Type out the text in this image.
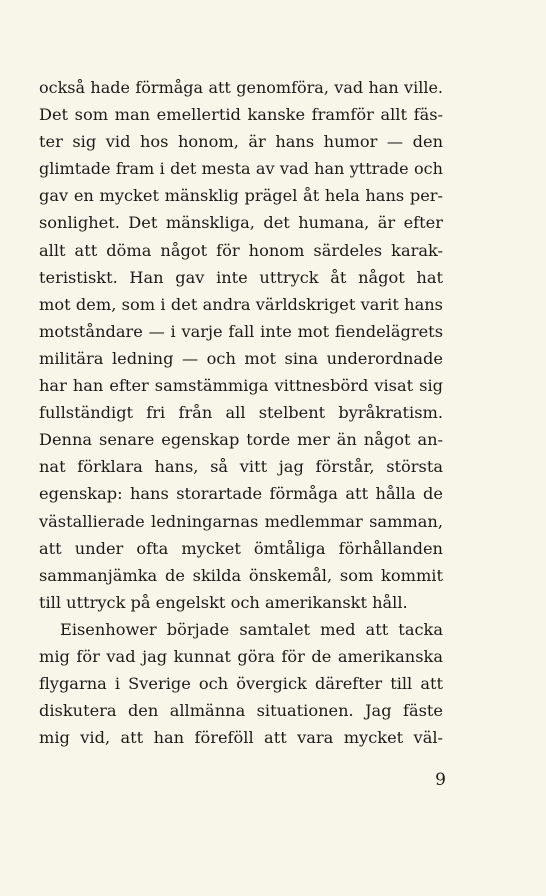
också hade förmåga att genomföra, vad han ville.
Det som man emellertid kanske framför allt fäs-
ter sig vid hos honom, är hans humor — den
glimtade fram i det mesta av vad han yttrade och
gav en mycket mänsklig prägel åt hela hans per-
sonlighet. Det mänskliga, det humana, är efter
allt att döma något för honom särdeles karak-
teristiskt. Han gav inte uttryck åt något hat
mot dem, som i det andra världskriget varit hans
motståndare — i varje fall inte mot fiendelägrets
militära ledning — och mot sina underordnade
har han efter samstämmiga vittnesbörd visat sig
fullständigt fri från all stelbent byråkratism.
Denna senare egenskap torde mer än något an-
nat förklara hans, så vitt jag förstår, största
egenskap: hans storartade förmåga att hålla de
västallierade ledningarnas medlemmar samman,
att under ofta mycket ömtåliga förhållanden
sammanjämka de skilda önskemål, som kommit
till uttryck på engelskt och amerikanskt håll.
Eisenhower började samtalet med att tacka
mig för vad jag kunnat göra för de amerikanska
flygarna i Sverige och övergick därefter till att
diskutera den allmänna situationen. Jag fäste
mig vid, att han föreföll att vara mycket väl-
9
